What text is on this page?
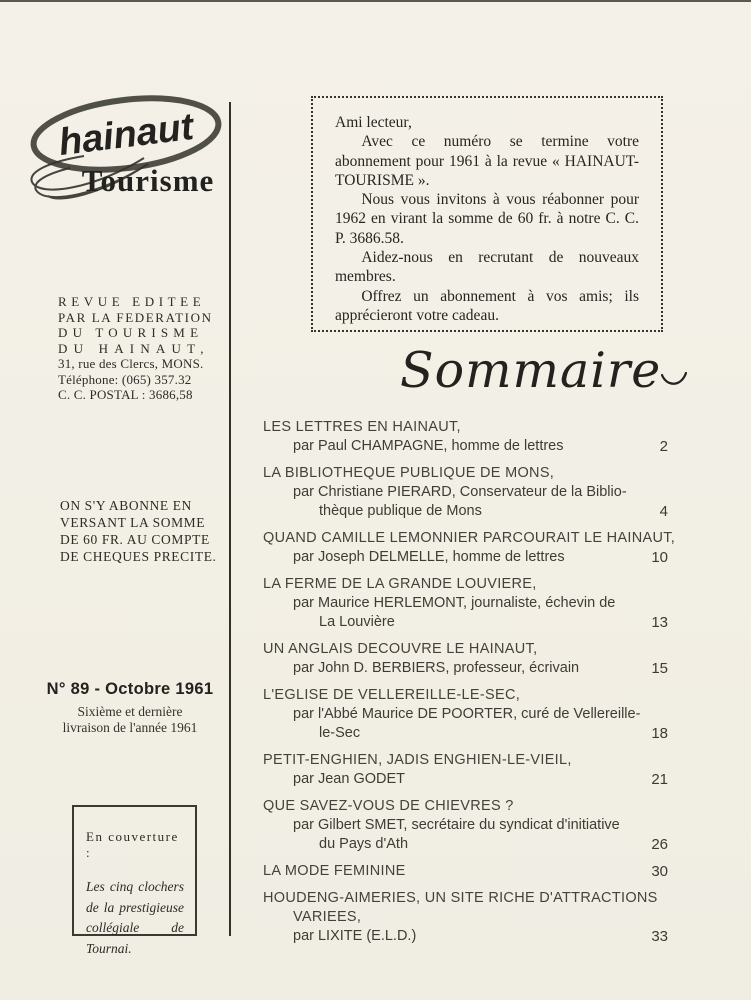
hainaut
Tourisme
REVUE EDITEE
PAR LA FEDERATION
DU TOURISME
DU HAINAUT,
31, rue des Clercs, MONS.
Téléphone: (065) 357.32
C. C. POSTAL : 3686,58
ON S'Y ABONNE EN
VERSANT LA SOMME
DE 60 FR. AU COMPTE
DE CHEQUES PRECITE.
N° 89 - Octobre 1961
Sixième et dernière
livraison de l'année 1961
En couverture :
Les cinq clochers de la prestigieuse collégiale de Tournai.

Ami lecteur,

Avec ce numéro se termine votre abonnement pour 1961 à la revue « HAINAUT-TOURISME ».

Nous vous invitons à vous réabonner pour 1962 en virant la somme de 60 fr. à notre C. C. P. 3686.58.

Aidez-nous en recrutant de nouveaux membres.

Offrez un abonnement à vos amis; ils apprécieront votre cadeau.

Sommaire
LES LETTRES EN HAINAUT,
par Paul CHAMPAGNE, homme de lettres	2
LA BIBLIOTHEQUE PUBLIQUE DE MONS,
par Christiane PIERARD, Conservateur de la Biblio-
thèque publique de Mons	4
QUAND CAMILLE LEMONNIER PARCOURAIT LE HAINAUT,
par Joseph DELMELLE, homme de lettres	10
LA FERME DE LA GRANDE LOUVIERE,
par Maurice HERLEMONT, journaliste, échevin de
La Louvière	13
UN ANGLAIS DECOUVRE LE HAINAUT,
par John D. BERBIERS, professeur, écrivain	15
L'EGLISE DE VELLEREILLE-LE-SEC,
par l'Abbé Maurice DE POORTER, curé de Vellereille-
le-Sec	18
PETIT-ENGHIEN, JADIS ENGHIEN-LE-VIEIL,
par Jean GODET	21
QUE SAVEZ-VOUS DE CHIEVRES ?
par Gilbert SMET, secrétaire du syndicat d'initiative
du Pays d'Ath	26
LA MODE FEMININE	30
HOUDENG-AIMERIES, UN SITE RICHE D'ATTRACTIONS
VARIEES,
par LIXITE (E.L.D.)	33
